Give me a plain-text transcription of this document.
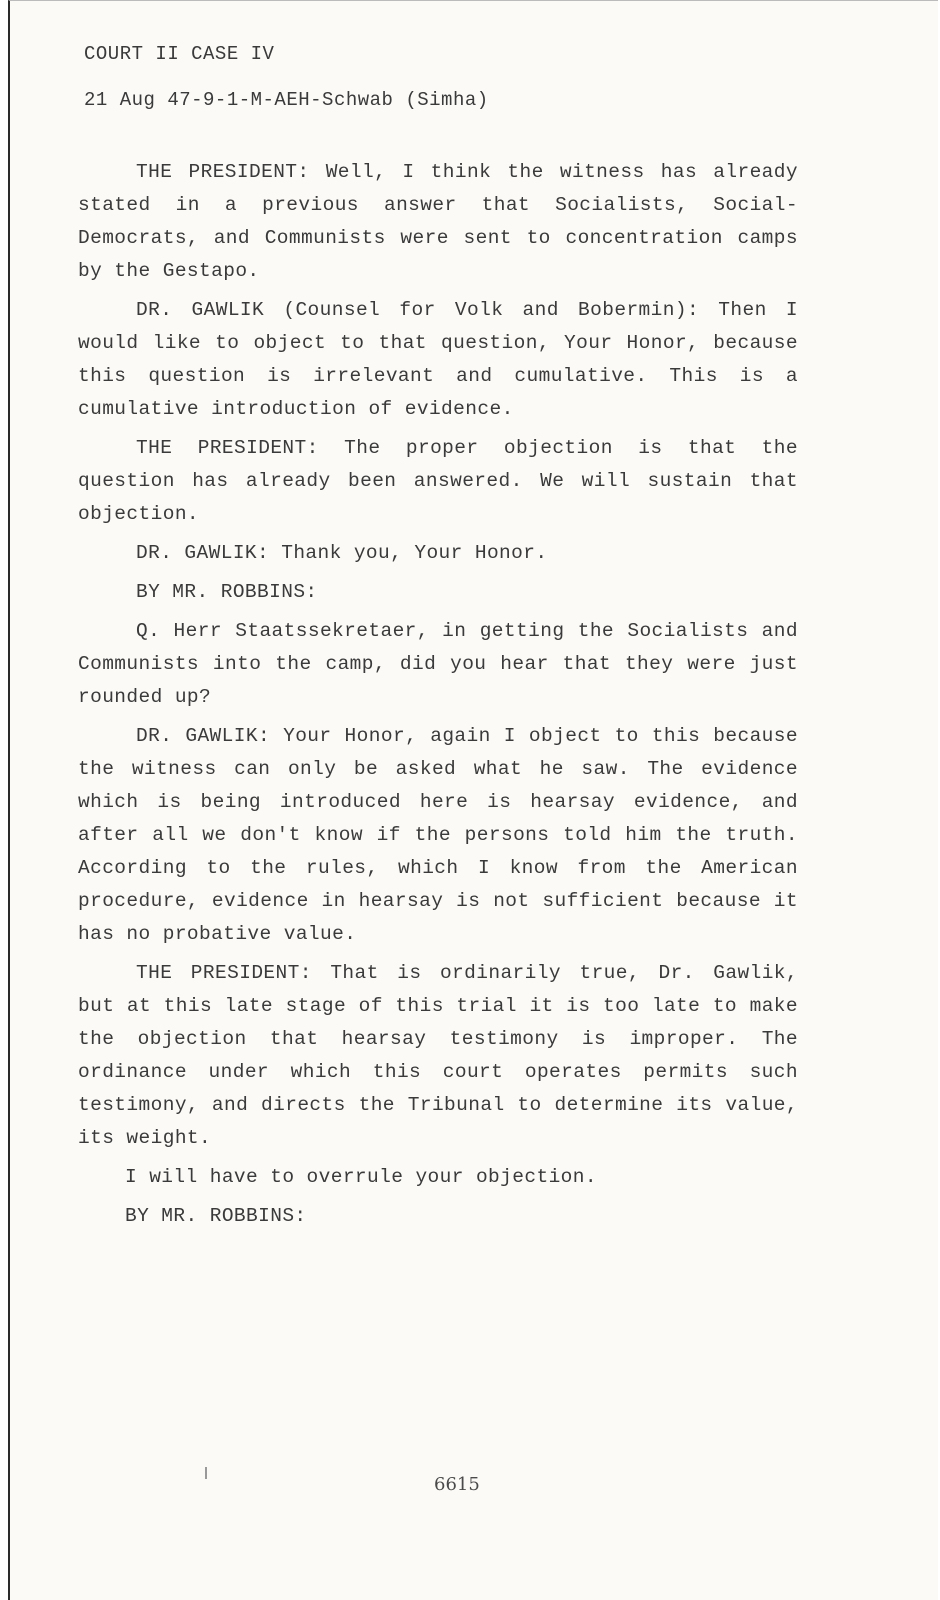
COURT II CASE IV
21 Aug 47-9-1-M-AEH-Schwab (Simha)

THE PRESIDENT: Well, I think the witness has already stated in a previous answer that Socialists, Social-Democrats, and Communists were sent to concentration camps by the Gestapo.

DR. GAWLIK (Counsel for Volk and Bobermin): Then I would like to object to that question, Your Honor, because this question is irrelevant and cumulative. This is a cumulative introduction of evidence.

THE PRESIDENT: The proper objection is that the question has already been answered. We will sustain that objection.

DR. GAWLIK: Thank you, Your Honor.

BY MR. ROBBINS:

Q. Herr Staatssekretaer, in getting the Socialists and Communists into the camp, did you hear that they were just rounded up?

DR. GAWLIK: Your Honor, again I object to this because the witness can only be asked what he saw. The evidence which is being introduced here is hearsay evidence, and after all we don't know if the persons told him the truth. According to the rules, which I know from the American procedure, evidence in hearsay is not sufficient because it has no probative value.

THE PRESIDENT: That is ordinarily true, Dr. Gawlik, but at this late stage of this trial it is too late to make the objection that hearsay testimony is improper. The ordinance under which this court operates permits such testimony, and directs the Tribunal to determine its value, its weight.

I will have to overrule your objection.

BY MR. ROBBINS:

6615
